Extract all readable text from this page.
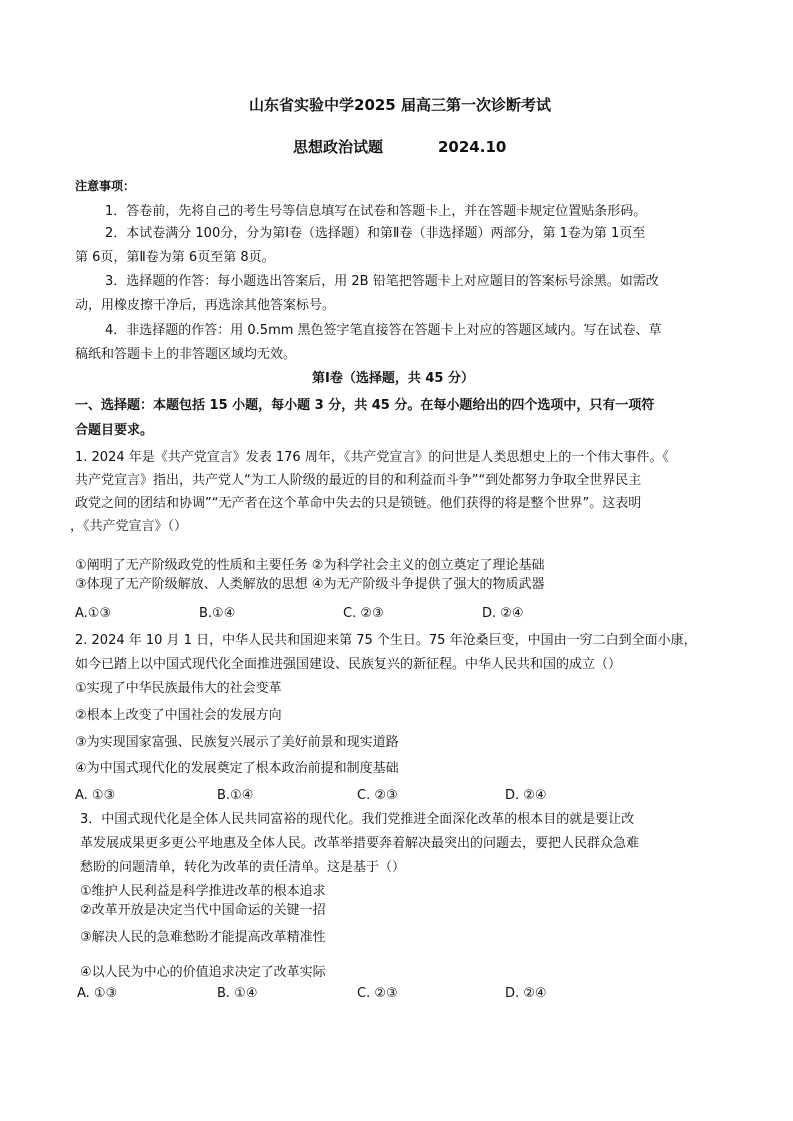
山东省实验中学2025 届高三第一次诊断考试
思想政治试题	2024.10
注意事项：
1．答卷前，先将自己的考生号等信息填写在试卷和答题卡上，并在答题卡规定位置贴条形码。
2．本试卷满分 100分，分为第Ⅰ卷（选择题）和第Ⅱ卷（非选择题）两部分，第 1卷为第 1页至
第 6页，第Ⅱ卷为第 6页至第 8页。
3．选择题的作答：每小题选出答案后，用 2B 铅笔把答题卡上对应题目的答案标号涂黑。如需改
动，用橡皮擦干净后，再选涂其他答案标号。
4．非选择题的作答：用 0.5mm 黑色签字笔直接答在答题卡上对应的答题区域内。写在试卷、草
稿纸和答题卡上的非答题区域均无效。
第Ⅰ卷（选择题，共 45 分）
一、选择题：本题包括 15 小题，每小题 3 分，共 45 分。在每小题给出的四个选项中，只有一项符
合题目要求。
1. 2024 年是《共产党宣言》发表 176 周年，《共产党宣言》的问世是人类思想史上的一个伟大事件。《
共产党宣言》指出，共产党人“为工人阶级的最近的目的和利益而斗争”“到处都努力争取全世界民主
政党之间的团结和协调”“无产者在这个革命中失去的只是锁链。他们获得的将是整个世界”。这表明
，《共产党宣言》（）
①阐明了无产阶级政党的性质和主要任务 ②为科学社会主义的创立奠定了理论基础
③体现了无产阶级解放、人类解放的思想 ④为无产阶级斗争提供了强大的物质武器
A.①③	B.①④	C. ②③	D. ②④
2. 2024 年 10 月 1 日，中华人民共和国迎来第 75 个生日。75 年沧桑巨变，中国由一穷二白到全面小康，
如今已踏上以中国式现代化全面推进强国建设、民族复兴的新征程。中华人民共和国的成立（）
①实现了中华民族最伟大的社会变革
②根本上改变了中国社会的发展方向
③为实现国家富强、民族复兴展示了美好前景和现实道路
④为中国式现代化的发展奠定了根本政治前提和制度基础
A. ①③	B.①④	C. ②③	D. ②④
3．中国式现代化是全体人民共同富裕的现代化。我们党推进全面深化改革的根本目的就是要让改
革发展成果更多更公平地惠及全体人民。改革举措要奔着解决最突出的问题去，要把人民群众急难
愁盼的问题清单，转化为改革的责任清单。这是基于（）
①维护人民利益是科学推进改革的根本追求
②改革开放是决定当代中国命运的关键一招
③解决人民的急难愁盼才能提高改革精准性
④以人民为中心的价值追求决定了改革实际
A. ①③	B. ①④	C. ②③	D. ②④
